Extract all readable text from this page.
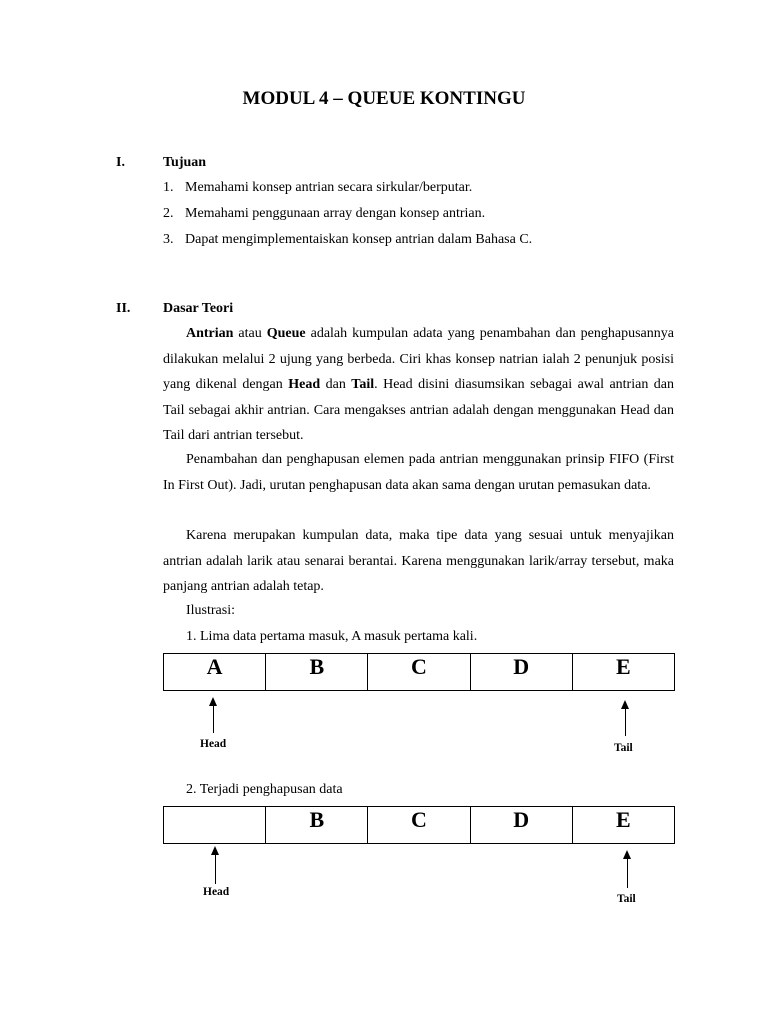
MODUL 4 – QUEUE KONTINGU
I.	Tujuan
1. Memahami konsep antrian secara sirkular/berputar.
2. Memahami penggunaan array dengan konsep antrian.
3. Dapat mengimplementaiskan konsep antrian dalam Bahasa C.
II. Dasar Teori

Antrian atau Queue adalah kumpulan adata yang penambahan dan penghapusannya dilakukan melalui 2 ujung yang berbeda. Ciri khas konsep natrian ialah 2 penunjuk posisi yang dikenal dengan Head dan Tail. Head disini diasumsikan sebagai awal antrian dan Tail sebagai akhir antrian. Cara mengakses antrian adalah dengan menggunakan Head dan Tail dari antrian tersebut.

Penambahan dan penghapusan elemen pada antrian menggunakan prinsip FIFO (First In First Out). Jadi, urutan penghapusan data akan sama dengan urutan pemasukan data.

Karena merupakan kumpulan data, maka tipe data yang sesuai untuk menyajikan antrian adalah larik atau senarai berantai. Karena menggunakan larik/array tersebut, maka panjang antrian adalah tetap.

Ilustrasi:
1. Lima data pertama masuk, A masuk pertama kali.
A	B	C	D	E
Head	Tail
2. Terjadi penghapusan data
	B	C	D	E
Head
Tail
